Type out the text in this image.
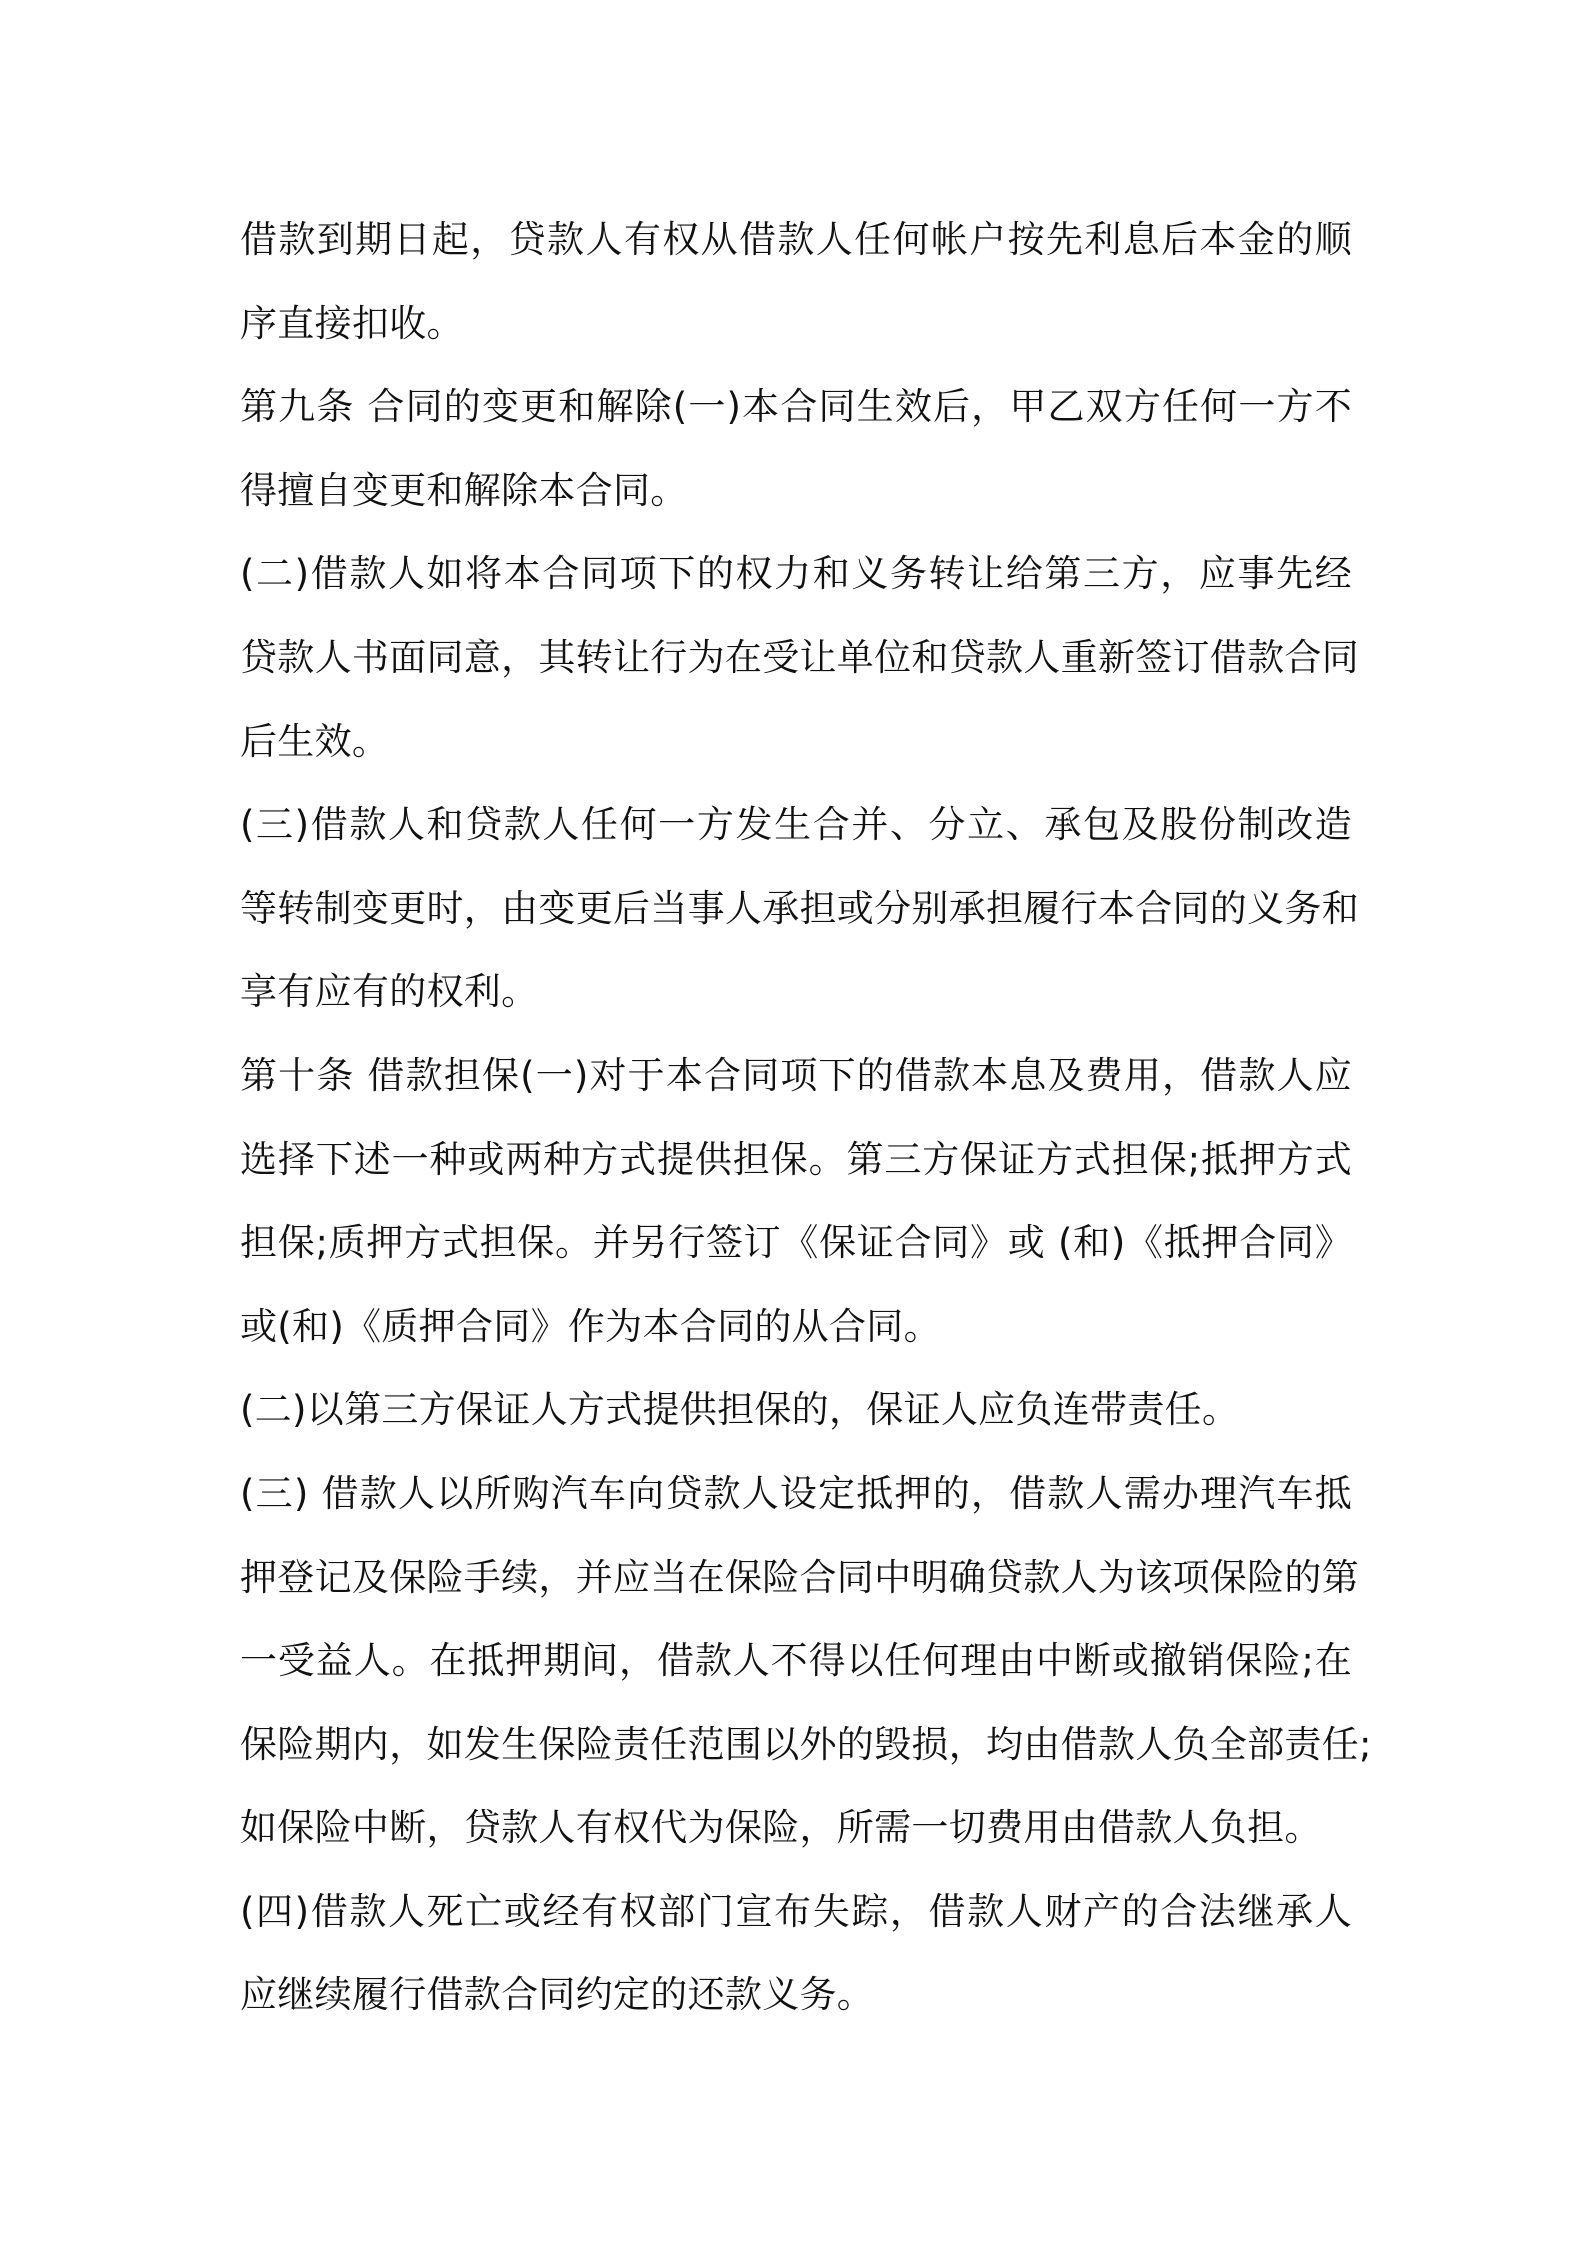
借款到期日起，贷款人有权从借款人任何帐户按先利息后本金的顺
序直接扣收。
第九条 合同的变更和解除(一)本合同生效后，甲乙双方任何一方不
得擅自变更和解除本合同。
(二)借款人如将本合同项下的权力和义务转让给第三方，应事先经
贷款人书面同意，其转让行为在受让单位和贷款人重新签订借款合同
后生效。
(三)借款人和贷款人任何一方发生合并、分立、承包及股份制改造
等转制变更时，由变更后当事人承担或分别承担履行本合同的义务和
享有应有的权利。
第十条 借款担保(一)对于本合同项下的借款本息及费用，借款人应
选择下述一种或两种方式提供担保。第三方保证方式担保;抵押方式
担保;质押方式担保。并另行签订《保证合同》或 (和)《抵押合同》
或(和)《质押合同》作为本合同的从合同。
(二)以第三方保证人方式提供担保的，保证人应负连带责任。
(三) 借款人以所购汽车向贷款人设定抵押的，借款人需办理汽车抵
押登记及保险手续，并应当在保险合同中明确贷款人为该项保险的第
一受益人。在抵押期间，借款人不得以任何理由中断或撤销保险;在
保险期内，如发生保险责任范围以外的毁损，均由借款人负全部责任;
如保险中断，贷款人有权代为保险，所需一切费用由借款人负担。
(四)借款人死亡或经有权部门宣布失踪，借款人财产的合法继承人
应继续履行借款合同约定的还款义务。
